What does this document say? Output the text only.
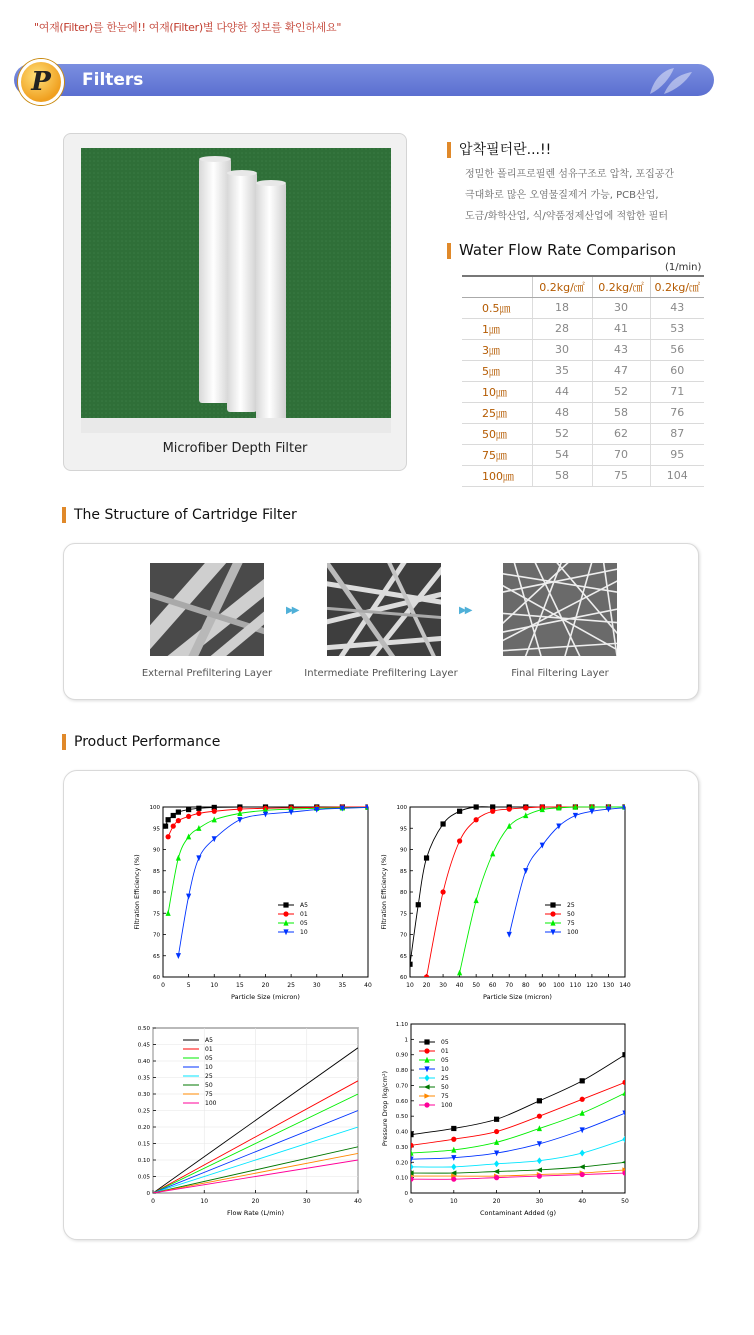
"여재(Filter)를 한눈에!! 여재(Filter)별 다양한 정보를 확인하세요"
P	Filters
Microfiber Depth Filter
압착필터란...!!
정밀한 폴리프로필렌 섬유구조로 압착, 포집공간
극대화로 많은 오염물질제거 가능, PCB산업,
도금/화학산업, 식/약품정제산업에 적합한 필터
Water Flow Rate Comparison
(1/min)
	0.2kg/㎠	0.2kg/㎠	0.2kg/㎠
0.5㎛	18	30	43
1㎛	28	41	53
3㎛	30	43	56
5㎛	35	47	60
10㎛	44	52	71
25㎛	48	58	76
50㎛	52	62	87
75㎛	54	70	95
100㎛	58	75	104
The Structure of Cartridge Filter
▶▶	▶▶
External Prefiltering Layer	Intermediate Prefiltering Layer	Final Filtering Layer
Product Performance
0	5	10	15	20	25	30	35	40
60
65
70
75
80
85
90
95
100
Particle Size (micron)
Filtration Efficiency (%)	A5
01
05
10
10 20 30 40 50 60 70 80 90 100 110 120 130 140
60
65
70
75
80
85
90
95
100
Particle Size (micron)
Filtration Efficiency (%)	25
50
75
100
0	10	20	30	40
0
0.05
0.10
0.15
0.20
0.25
0.30
0.35
0.40
0.45
0.50
Flow Rate (L/min)
A5
01
05
10
25
50
75
100
0	10	20	30	40	50
0
0.10
0.20
0.30
0.40
0.50
0.60
0.70
0.80
0.90
1
1.10
Contaminant Added (g)
Pressure Drop (kg/cm²)
05
01
05
10
25
50
75
100
